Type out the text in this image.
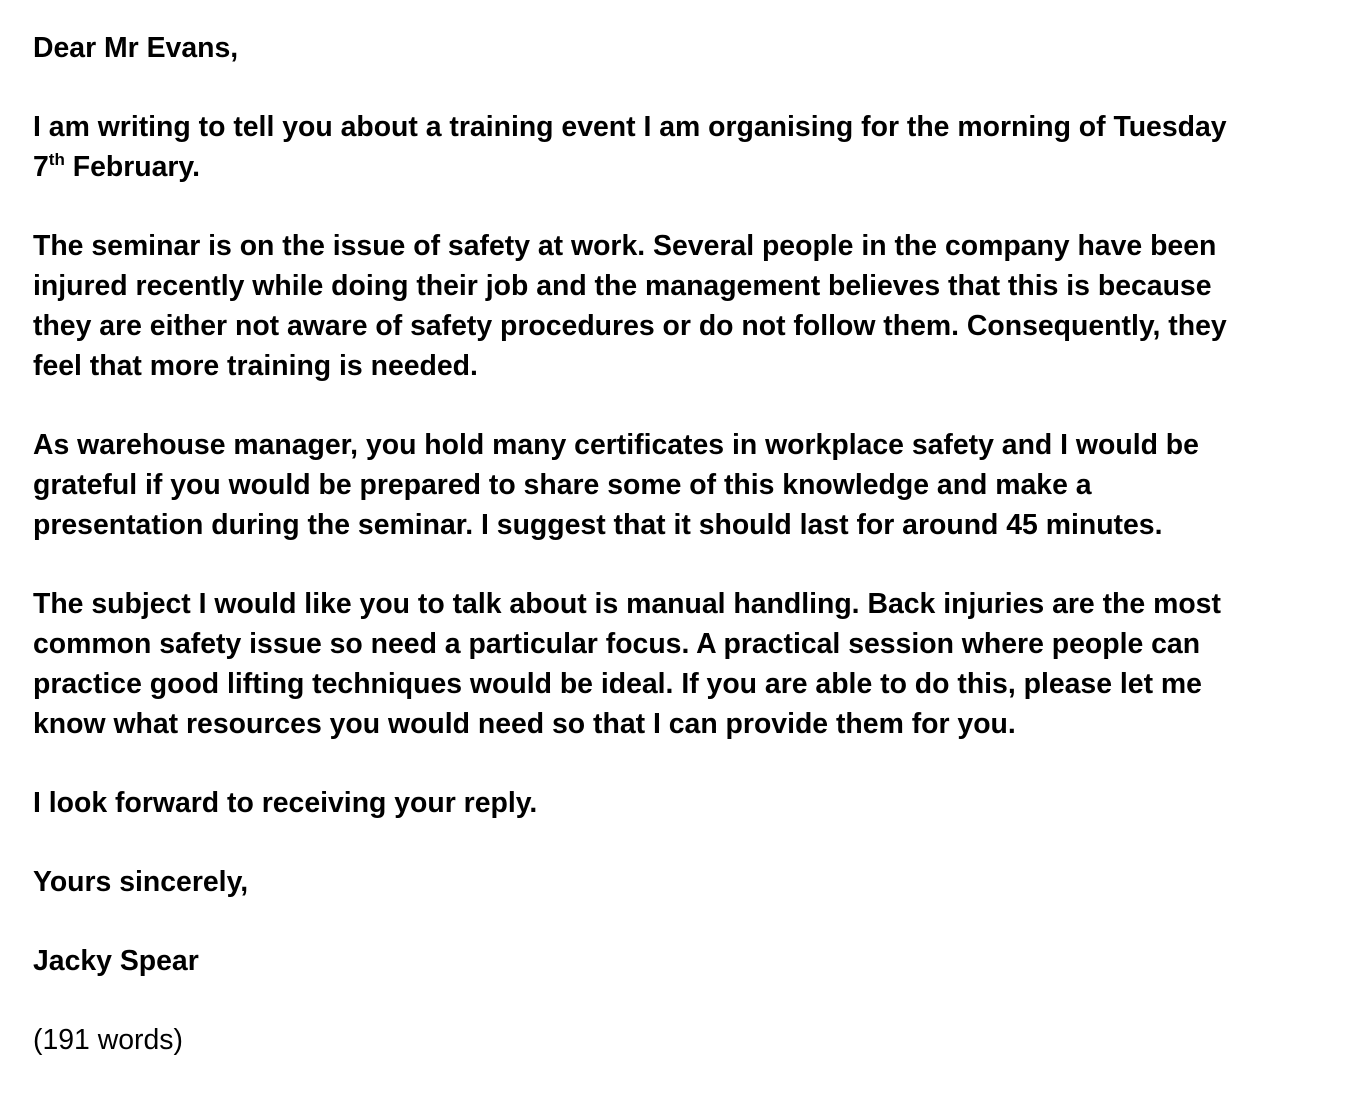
Dear Mr Evans,

I am writing to tell you about a training event I am organising for the morning of Tuesday
7th February.

The seminar is on the issue of safety at work. Several people in the company have been
injured recently while doing their job and the management believes that this is because
they are either not aware of safety procedures or do not follow them. Consequently, they
feel that more training is needed.

As warehouse manager, you hold many certificates in workplace safety and I would be
grateful if you would be prepared to share some of this knowledge and make a
presentation during the seminar. I suggest that it should last for around 45 minutes.

The subject I would like you to talk about is manual handling. Back injuries are the most
common safety issue so need a particular focus. A practical session where people can
practice good lifting techniques would be ideal. If you are able to do this, please let me
know what resources you would need so that I can provide them for you.

I look forward to receiving your reply.

Yours sincerely,

Jacky Spear

(191 words)
